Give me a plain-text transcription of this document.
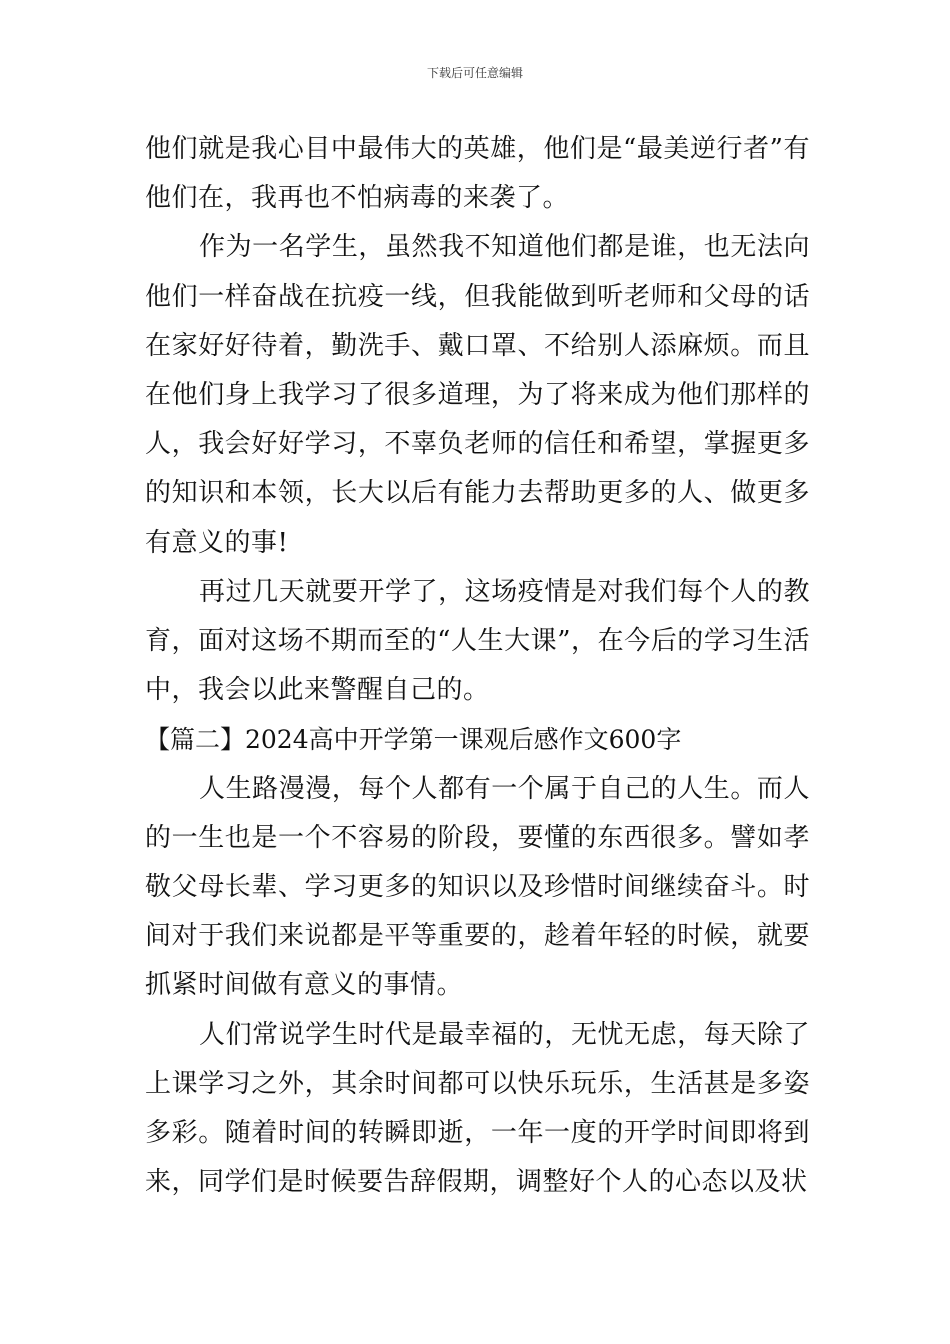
下载后可任意编辑

他们就是我心目中最伟大的英雄，他们是“最美逆行者”有他们在，我再也不怕病毒的来袭了。

作为一名学生，虽然我不知道他们都是谁，也无法向他们一样奋战在抗疫一线，但我能做到听老师和父母的话在家好好待着，勤洗手、戴口罩、不给别人添麻烦。而且在他们身上我学习了很多道理，为了将来成为他们那样的人，我会好好学习，不辜负老师的信任和希望，掌握更多的知识和本领，长大以后有能力去帮助更多的人、做更多有意义的事!

再过几天就要开学了，这场疫情是对我们每个人的教育，面对这场不期而至的“人生大课”，在今后的学习生活中，我会以此来警醒自己的。

【篇二】2024高中开学第一课观后感作文600字

人生路漫漫，每个人都有一个属于自己的人生。而人的一生也是一个不容易的阶段，要懂的东西很多。譬如孝敬父母长辈、学习更多的知识以及珍惜时间继续奋斗。时间对于我们来说都是平等重要的，趁着年轻的时候，就要抓紧时间做有意义的事情。

人们常说学生时代是最幸福的，无忧无虑，每天除了上课学习之外，其余时间都可以快乐玩乐，生活甚是多姿多彩。随着时间的转瞬即逝，一年一度的开学时间即将到来，同学们是时候要告辞假期，调整好个人的心态以及状
